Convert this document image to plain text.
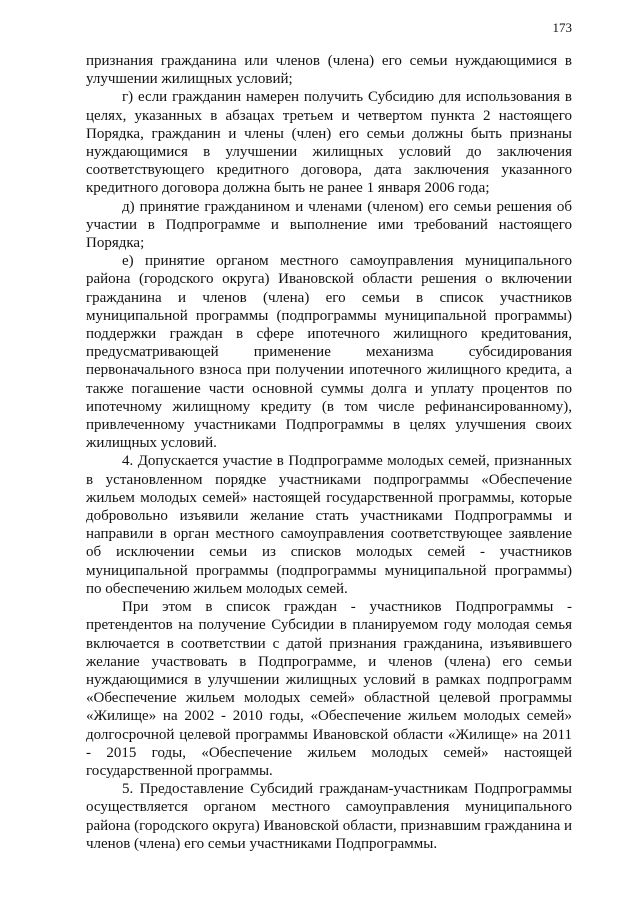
173

признания гражданина или членов (члена) его семьи нуждающимися в улучшении жилищных условий;

г) если гражданин намерен получить Субсидию для использования в целях, указанных в абзацах третьем и четвертом пункта 2 настоящего Порядка, гражданин и члены (член) его семьи должны быть признаны нуждающимися в улучшении жилищных условий до заключения соответствующего кредитного договора, дата заключения указанного кредитного договора должна быть не ранее 1 января 2006 года;

д) принятие гражданином и членами (членом) его семьи решения об участии в Подпрограмме и выполнение ими требований настоящего Порядка;

е) принятие органом местного самоуправления муниципального района (городского округа) Ивановской области решения о включении гражданина и членов (члена) его семьи в список участников муниципальной программы (подпрограммы муниципальной программы) поддержки граждан в сфере ипотечного жилищного кредитования, предусматривающей применение механизма субсидирования первоначального взноса при получении ипотечного жилищного кредита, а также погашение части основной суммы долга и уплату процентов по ипотечному жилищному кредиту (в том числе рефинансированному), привлеченному участниками Подпрограммы в целях улучшения своих жилищных условий.

4. Допускается участие в Подпрограмме молодых семей, признанных в установленном порядке участниками подпрограммы «Обеспечение жильем молодых семей» настоящей государственной программы, которые добровольно изъявили желание стать участниками Подпрограммы и направили в орган местного самоуправления соответствующее заявление об исключении семьи из списков молодых семей - участников муниципальной программы (подпрограммы муниципальной программы) по обеспечению жильем молодых семей.

При этом в список граждан - участников Подпрограммы - претендентов на получение Субсидии в планируемом году молодая семья включается в соответствии с датой признания гражданина, изъявившего желание участвовать в Подпрограмме, и членов (члена) его семьи нуждающимися в улучшении жилищных условий в рамках подпрограмм «Обеспечение жильем молодых семей» областной целевой программы «Жилище» на 2002 - 2010 годы, «Обеспечение жильем молодых семей» долгосрочной целевой программы Ивановской области «Жилище» на 2011 - 2015 годы, «Обеспечение жильем молодых семей» настоящей государственной программы.

5. Предоставление Субсидий гражданам-участникам Подпрограммы осуществляется органом местного самоуправления муниципального района (городского округа) Ивановской области, признавшим гражданина и членов (члена) его семьи участниками Подпрограммы.
